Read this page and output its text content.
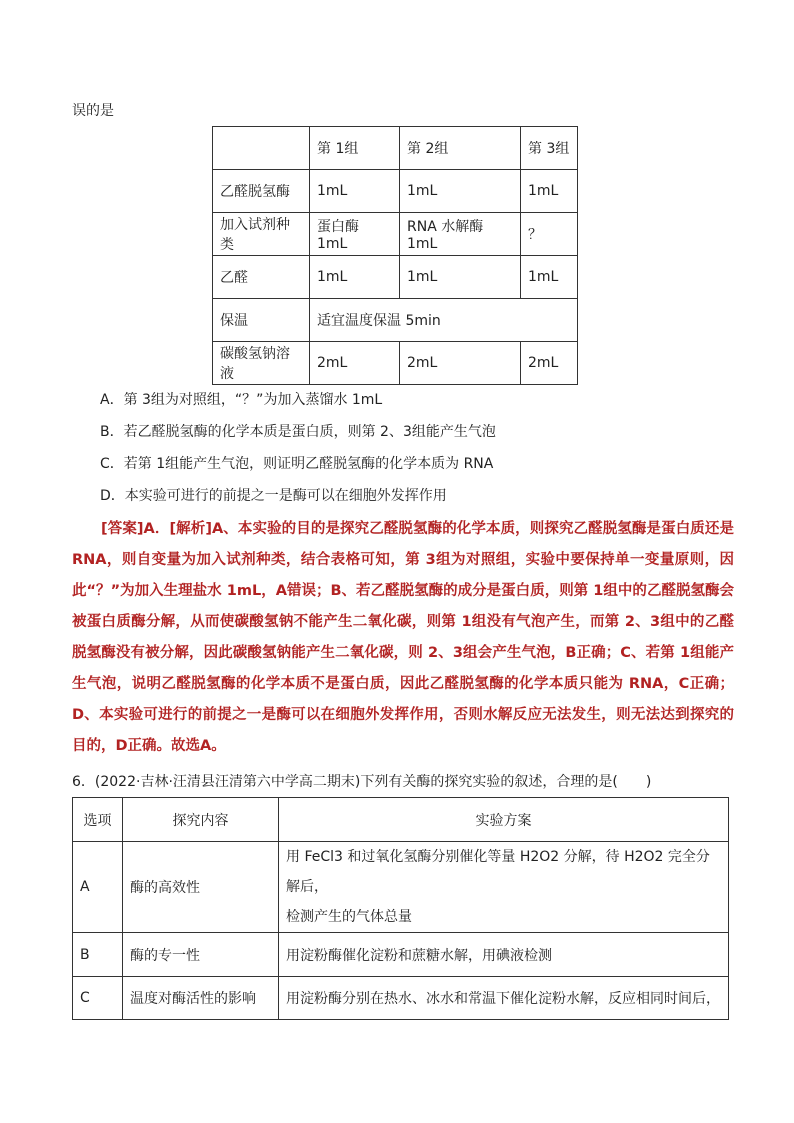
误的是
	第 1组	第 2组	第 3组
乙醛脱氢酶	1mL	1mL	1mL
加入试剂种类	蛋白酶 1mL	RNA 水解酶 1mL	？
乙醛	1mL	1mL	1mL
保温	适宜温度保温 5min		
碳酸氢钠溶液	2mL	2mL	2mL
A．第 3组为对照组，“？”为加入蒸馏水 1mL
B．若乙醛脱氢酶的化学本质是蛋白质，则第 2、3组能产生气泡
C．若第 1组能产生气泡，则证明乙醛脱氢酶的化学本质为 RNA
D．本实验可进行的前提之一是酶可以在细胞外发挥作用
[答案]A．[解析]A、本实验的目的是探究乙醛脱氢酶的化学本质，则探究乙醛脱氢酶是蛋白质还是RNA，则自变量为加入试剂种类，结合表格可知，第 3组为对照组，实验中要保持单一变量原则，因此“？”为加入生理盐水 1mL，A错误；B、若乙醛脱氢酶的成分是蛋白质，则第 1组中的乙醛脱氢酶会被蛋白质酶分解，从而使碳酸氢钠不能产生二氧化碳，则第 1组没有气泡产生，而第 2、3组中的乙醛脱氢酶没有被分解，因此碳酸氢钠能产生二氧化碳，则 2、3组会产生气泡，B正确；C、若第 1组能产生气泡，说明乙醛脱氢酶的化学本质不是蛋白质，因此乙醛脱氢酶的化学本质只能为 RNA，C正确；D、本实验可进行的前提之一是酶可以在细胞外发挥作用，否则水解反应无法发生，则无法达到探究的目的，D正确。故选A。
6．(2022·吉林·汪清县汪清第六中学高二期末)下列有关酶的探究实验的叙述，合理的是(　　)
选项	探究内容	实验方案
A	酶的高效性	用 FeCl3 和过氧化氢酶分别催化等量 H2O2 分解，待 H2O2 完全分解后，
检测产生的气体总量

B	酶的专一性	用淀粉酶催化淀粉和蔗糖水解，用碘液检测
C	温度对酶活性的影响	用淀粉酶分别在热水、冰水和常温下催化淀粉水解，反应相同时间后，
